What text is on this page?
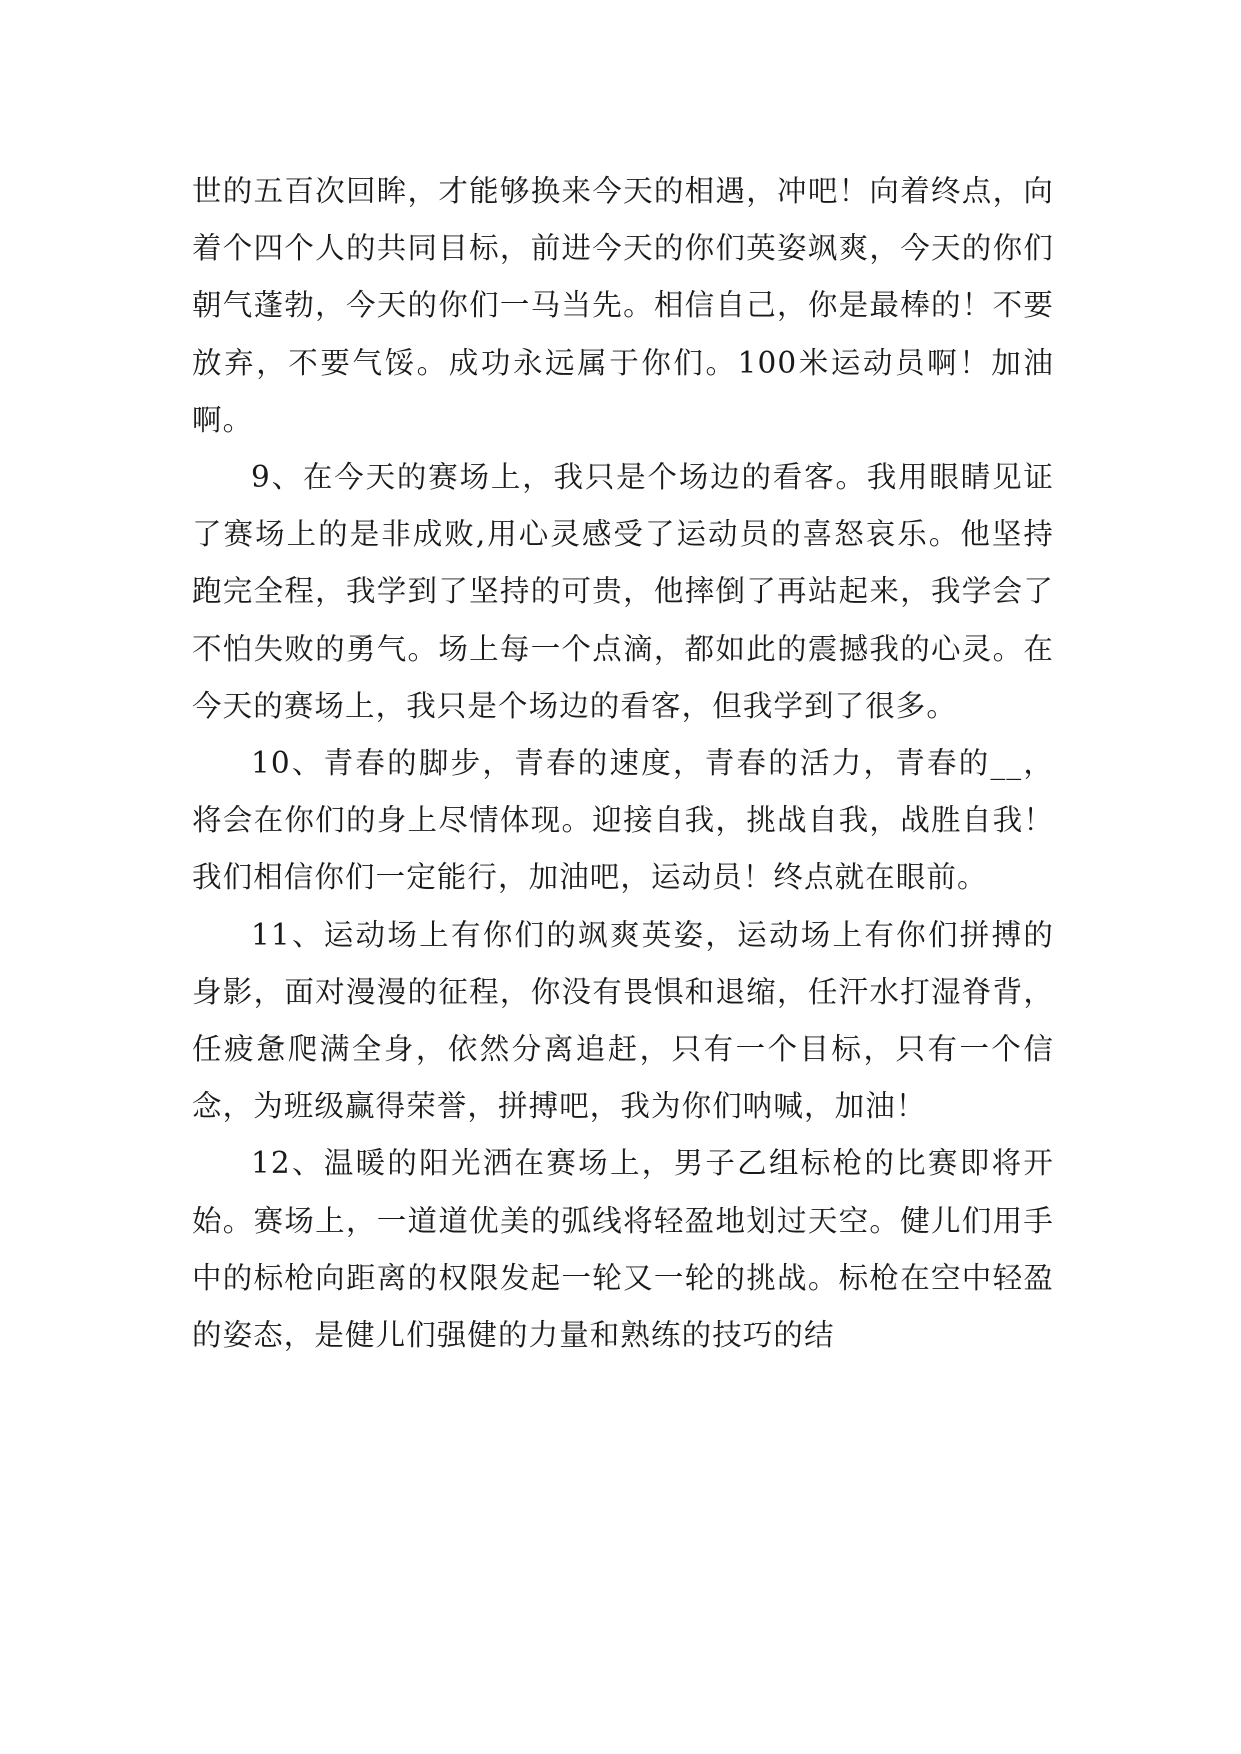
世的五百次回眸，才能够换来今天的相遇，冲吧！向着终点，向着个四个人的共同目标，前进今天的你们英姿飒爽，今天的你们朝气蓬勃，今天的你们一马当先。相信自己，你是最棒的！不要放弃，不要气馁。成功永远属于你们。100米运动员啊！加油啊。

9、在今天的赛场上，我只是个场边的看客。我用眼睛见证了赛场上的是非成败,用心灵感受了运动员的喜怒哀乐。他坚持跑完全程，我学到了坚持的可贵，他摔倒了再站起来，我学会了不怕失败的勇气。场上每一个点滴，都如此的震撼我的心灵。在今天的赛场上，我只是个场边的看客，但我学到了很多。

10、青春的脚步，青春的速度，青春的活力，青春的__，将会在你们的身上尽情体现。迎接自我，挑战自我，战胜自我！我们相信你们一定能行，加油吧，运动员！终点就在眼前。

11、运动场上有你们的飒爽英姿，运动场上有你们拼搏的身影，面对漫漫的征程，你没有畏惧和退缩，任汗水打湿脊背，任疲惫爬满全身，依然分离追赶，只有一个目标，只有一个信念，为班级赢得荣誉，拼搏吧，我为你们呐喊，加油！

12、温暖的阳光洒在赛场上，男子乙组标枪的比赛即将开始。赛场上，一道道优美的弧线将轻盈地划过天空。健儿们用手中的标枪向距离的权限发起一轮又一轮的挑战。标枪在空中轻盈的姿态，是健儿们强健的力量和熟练的技巧的结
